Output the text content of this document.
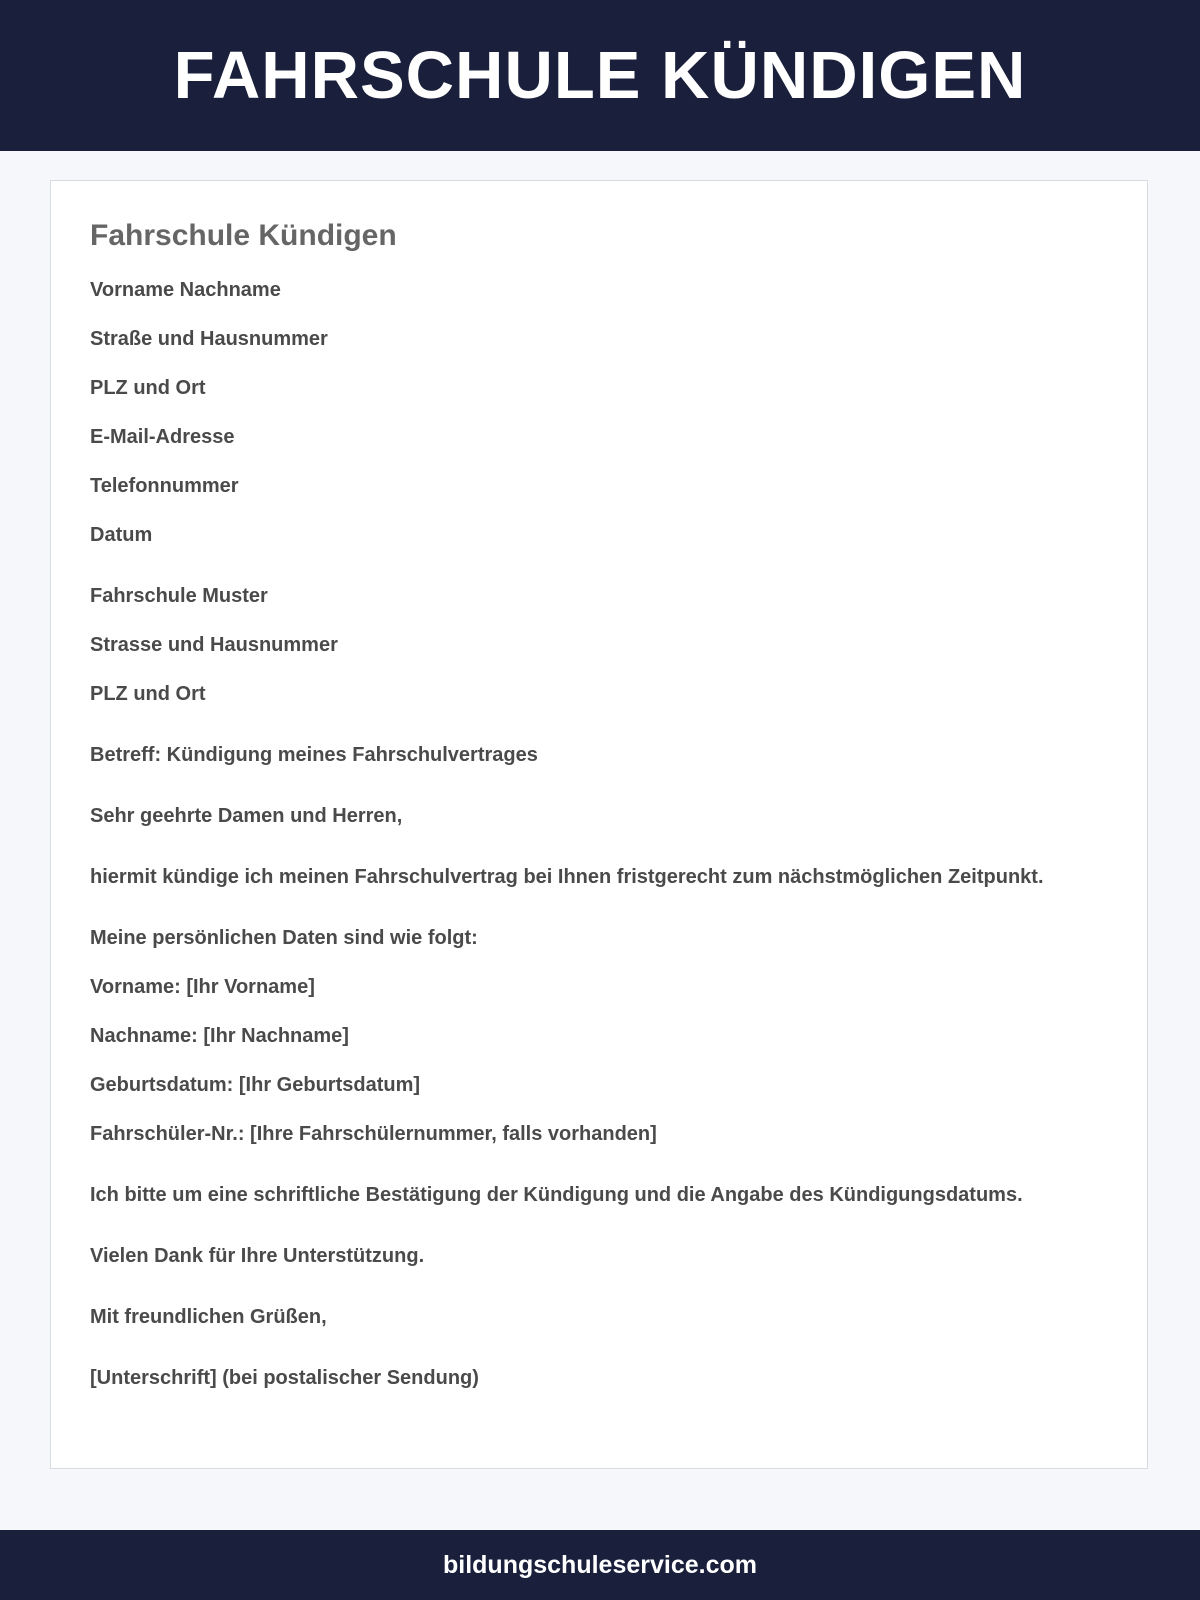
FAHRSCHULE KÜNDIGEN
Fahrschule Kündigen

Vorname Nachname

Straße und Hausnummer

PLZ und Ort

E-Mail-Adresse

Telefonnummer

Datum

Fahrschule Muster

Strasse und Hausnummer

PLZ und Ort

Betreff: Kündigung meines Fahrschulvertrages

Sehr geehrte Damen und Herren,

hiermit kündige ich meinen Fahrschulvertrag bei Ihnen fristgerecht zum nächstmöglichen Zeitpunkt.

Meine persönlichen Daten sind wie folgt:

Vorname: [Ihr Vorname]

Nachname: [Ihr Nachname]

Geburtsdatum: [Ihr Geburtsdatum]

Fahrschüler-Nr.: [Ihre Fahrschülernummer, falls vorhanden]

Ich bitte um eine schriftliche Bestätigung der Kündigung und die Angabe des Kündigungsdatums.

Vielen Dank für Ihre Unterstützung.

Mit freundlichen Grüßen,

[Unterschrift] (bei postalischer Sendung)

bildungschuleservice.com
